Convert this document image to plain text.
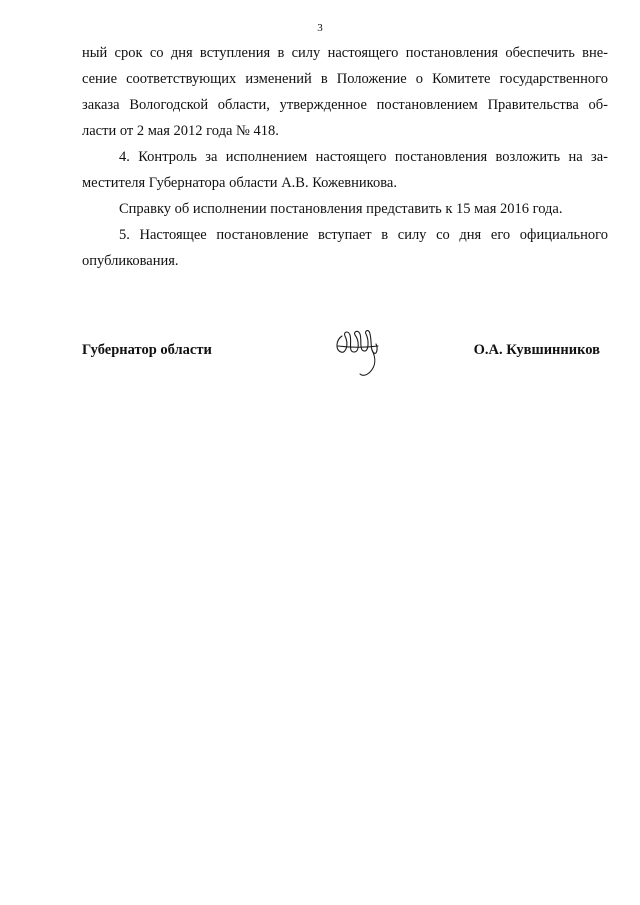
3

ный срок со дня вступления в силу настоящего постановления обеспечить вне-
сение соответствующих изменений в Положение о Комитете государственного
заказа Вологодской области, утвержденное постановлением Правительства об-
ласти от 2 мая 2012 года № 418.

4. Контроль за исполнением настоящего постановления возложить на за-
местителя Губернатора области А.В. Кожевникова.

Справку об исполнении постановления представить к 15 мая 2016 года.

5. Настоящее постановление вступает в силу со дня его официального
опубликования.

Губернатор области	О.А. Кувшинников
